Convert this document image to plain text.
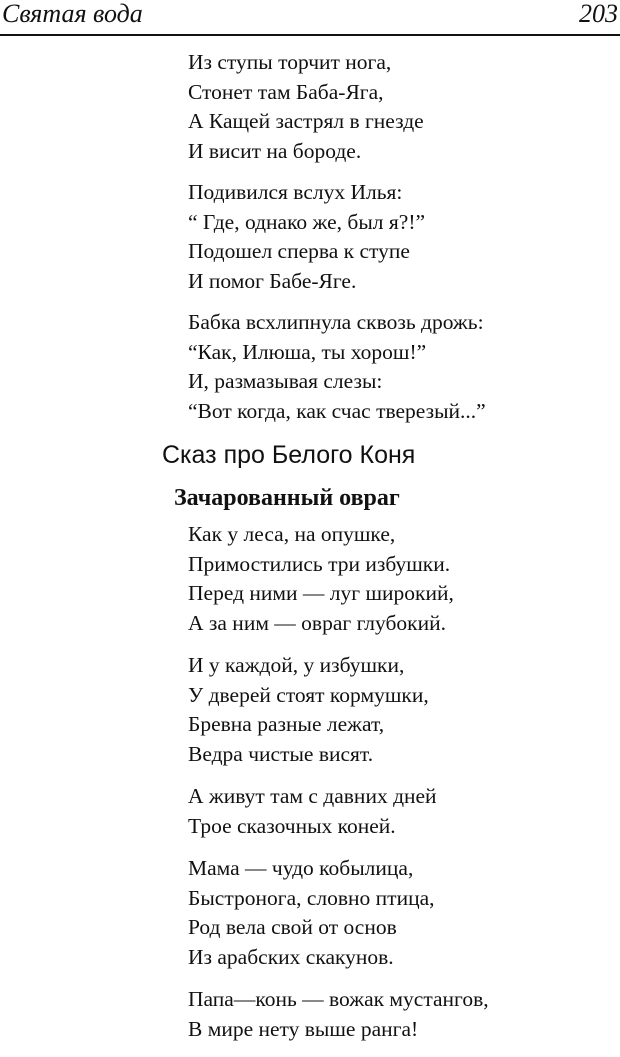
Святая вода	203
Из ступы торчит нога,
Стонет там Баба-Яга,
А Кащей застрял в гнезде
И висит на бороде.
Подивился вслух Илья:
“ Где, однако же, был я?!”
Подошел сперва к ступе
И помог Бабе-Яге.
Бабка всхлипнула сквозь дрожь:
“Как, Илюша, ты хорош!”
И, размазывая слезы:
“Вот когда, как счас тверезый...”
Сказ про Белого Коня
Зачарованный овраг
Как у леса, на опушке,
Примостились три избушки.
Перед ними — луг широкий,
А за ним — овраг глубокий.
И у каждой, у избушки,
У дверей стоят кормушки,
Бревна разные лежат,
Ведра чистые висят.
А живут там с давних дней
Трое сказочных коней.
Мама — чудо кобылица,
Быстронога, словно птица,
Род вела свой от основ
Из арабских скакунов.
Папа—конь — вожак мустангов,
В мире нету выше ранга!
